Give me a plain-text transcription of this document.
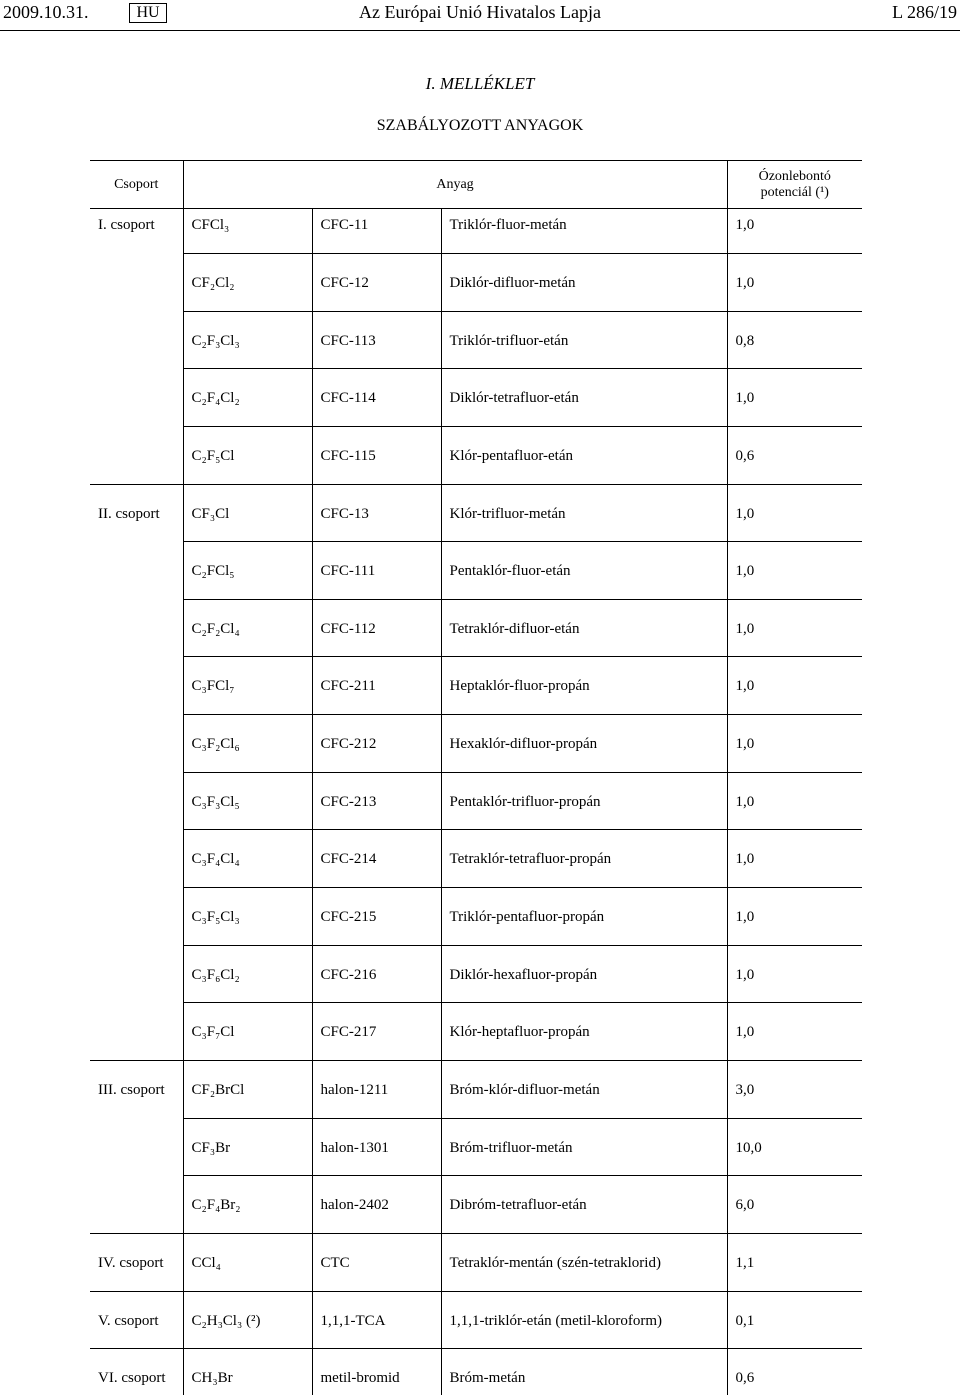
2009.10.31.	HU	Az Európai Unió Hivatalos Lapja	L 286/19
I. MELLÉKLET
SZABÁLYOZOTT ANYAGOK
Csoport	Anyag			Ózonlebontó potenciál (¹)
I. csoport	CFCl₃	CFC-11	Triklór-fluor-metán	1,0
	CF₂Cl₂	CFC-12	Diklór-difluor-metán	1,0
	C₂F₃Cl₃	CFC-113	Triklór-trifluor-etán	0,8
	C₂F₄Cl₂	CFC-114	Diklór-tetrafluor-etán	1,0
	C₂F₅Cl	CFC-115	Klór-pentafluor-etán	0,6
II. csoport	CF₃Cl	CFC-13	Klór-trifluor-metán	1,0
	C₂FCl₅	CFC-111	Pentaklór-fluor-etán	1,0
	C₂F₂Cl₄	CFC-112	Tetraklór-difluor-etán	1,0
	C₃FCl₇	CFC-211	Heptaklór-fluor-propán	1,0
	C₃F₂Cl₆	CFC-212	Hexaklór-difluor-propán	1,0
	C₃F₃Cl₅	CFC-213	Pentaklór-trifluor-propán	1,0
	C₃F₄Cl₄	CFC-214	Tetraklór-tetrafluor-propán	1,0
	C₃F₅Cl₃	CFC-215	Triklór-pentafluor-propán	1,0
	C₃F₆Cl₂	CFC-216	Diklór-hexafluor-propán	1,0
	C₃F₇Cl	CFC-217	Klór-heptafluor-propán	1,0
III. csoport	CF₂BrCl	halon-1211	Bróm-klór-difluor-metán	3,0
	CF₃Br	halon-1301	Bróm-trifluor-metán	10,0
	C₂F₄Br₂	halon-2402	Dibróm-tetrafluor-etán	6,0
IV. csoport	CCl₄	CTC	Tetraklór-mentán (szén-tetraklorid)	1,1
V. csoport	C₂H₃Cl₃ (²)	1,1,1-TCA	1,1,1-triklór-etán (metil-kloroform)	0,1
VI. csoport	CH₃Br	metil-bromid	Bróm-metán	0,6
